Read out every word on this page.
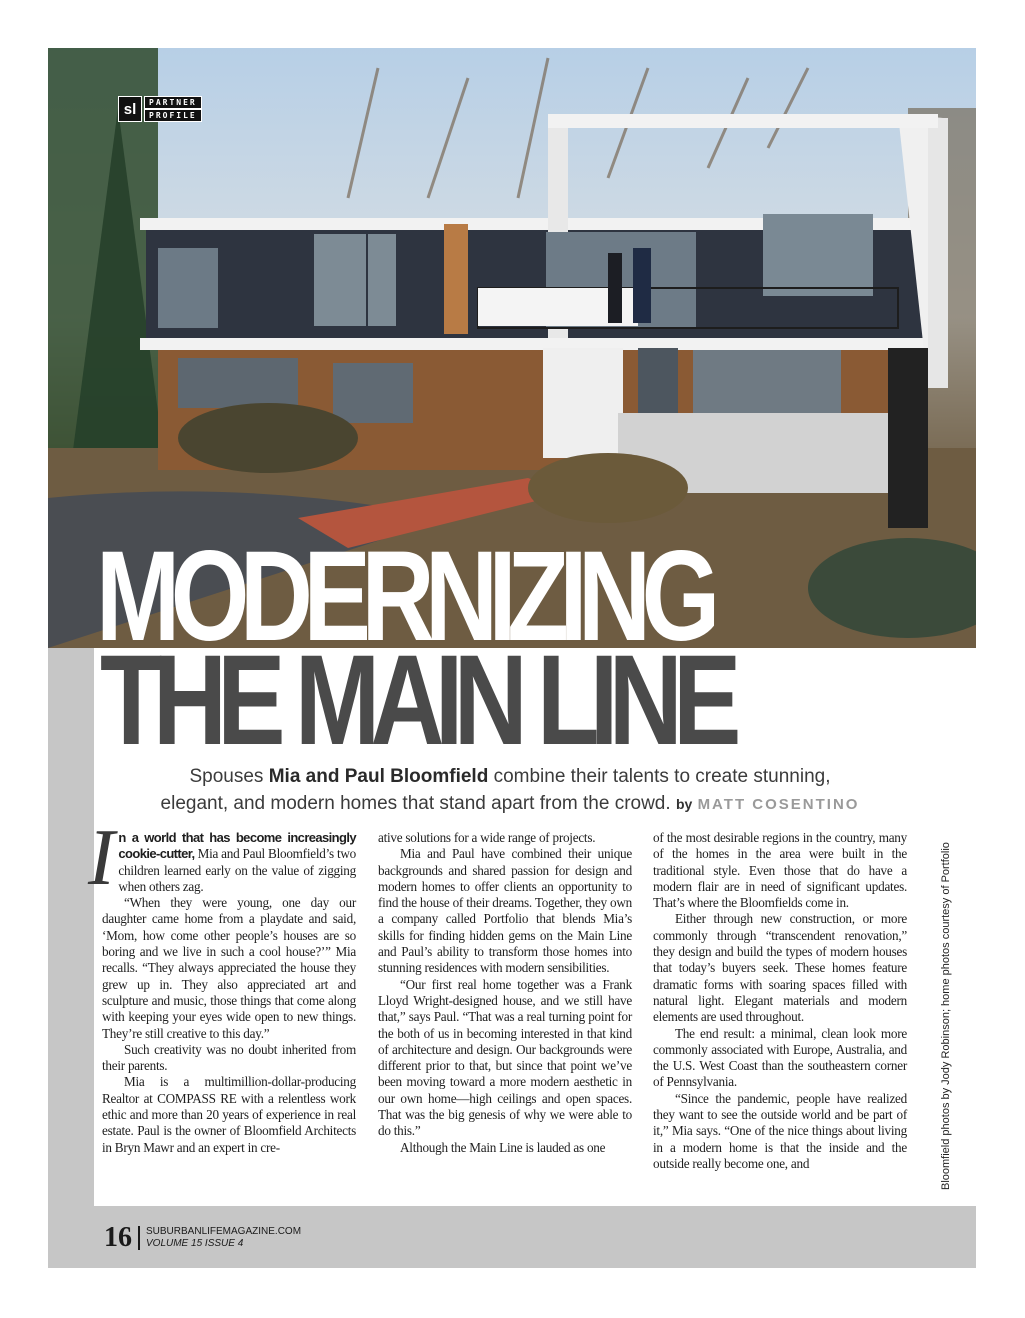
sl	PARTNER
PROFILE
MODERNIZING
THE MAIN LINE
Spouses Mia and Paul Bloomfield combine their talents to create stunning,
elegant, and modern homes that stand apart from the crowd. by MATT COSENTINO

In a world that has become increasingly cookie-cutter, Mia and Paul Bloomfield’s two children learned early on the value of zigging when others zag.

“When they were young, one day our daughter came home from a playdate and said, ‘Mom, how come other people’s houses are so boring and we live in such a cool house?’” Mia recalls. “They always appreciated the house they grew up in. They also appreciated art and sculpture and music, those things that come along with keeping your eyes wide open to new things. They’re still creative to this day.”

Such creativity was no doubt inherited from their parents.

Mia is a multimillion-dollar-producing Realtor at COMPASS RE with a relentless work ethic and more than 20 years of experience in real estate. Paul is the owner of Bloomfield Architects in Bryn Mawr and an expert in cre-

ative solutions for a wide range of projects.

Mia and Paul have combined their unique backgrounds and shared passion for design and modern homes to offer clients an opportunity to find the house of their dreams. Together, they own a company called Portfolio that blends Mia’s skills for finding hidden gems on the Main Line and Paul’s ability to transform those homes into stunning residences with modern sensibilities.

“Our first real home together was a Frank Lloyd Wright-designed house, and we still have that,” says Paul. “That was a real turning point for the both of us in becoming interested in that kind of architecture and design. Our backgrounds were different prior to that, but since that point we’ve been moving toward a more modern aesthetic in our own home—high ceilings and open spaces. That was the big genesis of why we were able to do this.”

Although the Main Line is lauded as one

of the most desirable regions in the country, many of the homes in the area were built in the traditional style. Even those that do have a modern flair are in need of significant updates. That’s where the Bloomfields come in.

Either through new construction, or more commonly through “transcendent renovation,” they design and build the types of modern houses that today’s buyers seek. These homes feature dramatic forms with soaring spaces filled with natural light. Elegant materials and modern elements are used throughout.

The end result: a minimal, clean look more commonly associated with Europe, Australia, and the U.S. West Coast than the southeastern corner of Pennsylvania.

“Since the pandemic, people have realized they want to see the outside world and be part of it,” Mia says. “One of the nice things about living in a modern home is that the inside and the outside really become one, and	Bloomfield photos by Jody Robinson; home photos courtesy of Portfolio
16 SUBURBANLIFEMAGAZINE.COM
VOLUME 15 ISSUE 4
